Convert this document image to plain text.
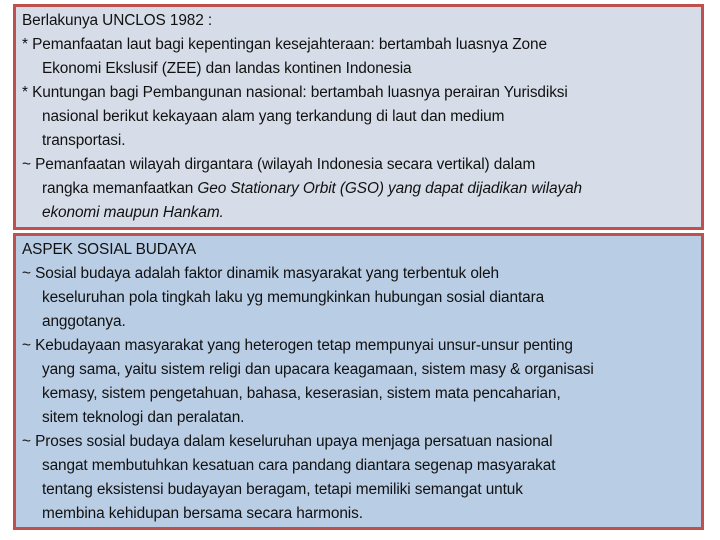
Berlakunya UNCLOS 1982 :
* Pemanfaatan laut bagi kepentingan kesejahteraan: bertambah luasnya Zone
Ekonomi Ekslusif (ZEE) dan landas kontinen Indonesia
* Kuntungan bagi Pembangunan nasional: bertambah luasnya perairan Yurisdiksi
nasional berikut kekayaan alam yang terkandung di laut dan medium
transportasi.
~ Pemanfaatan wilayah dirgantara (wilayah Indonesia secara vertikal) dalam
rangka memanfaatkan Geo Stationary Orbit (GSO) yang dapat dijadikan wilayah
ekonomi maupun Hankam.
ASPEK SOSIAL BUDAYA
~ Sosial budaya adalah faktor dinamik masyarakat yang terbentuk oleh
keseluruhan pola tingkah laku yg memungkinkan hubungan sosial diantara
anggotanya.
~ Kebudayaan masyarakat yang heterogen tetap mempunyai unsur-unsur penting
yang sama, yaitu sistem religi dan upacara keagamaan, sistem masy & organisasi
kemasy, sistem pengetahuan, bahasa, keserasian, sistem mata pencaharian,
sitem teknologi dan peralatan.
~ Proses sosial budaya dalam keseluruhan upaya menjaga persatuan nasional
sangat membutuhkan kesatuan cara pandang diantara segenap masyarakat
tentang eksistensi budayayan beragam, tetapi memiliki semangat untuk
membina kehidupan bersama secara harmonis.
